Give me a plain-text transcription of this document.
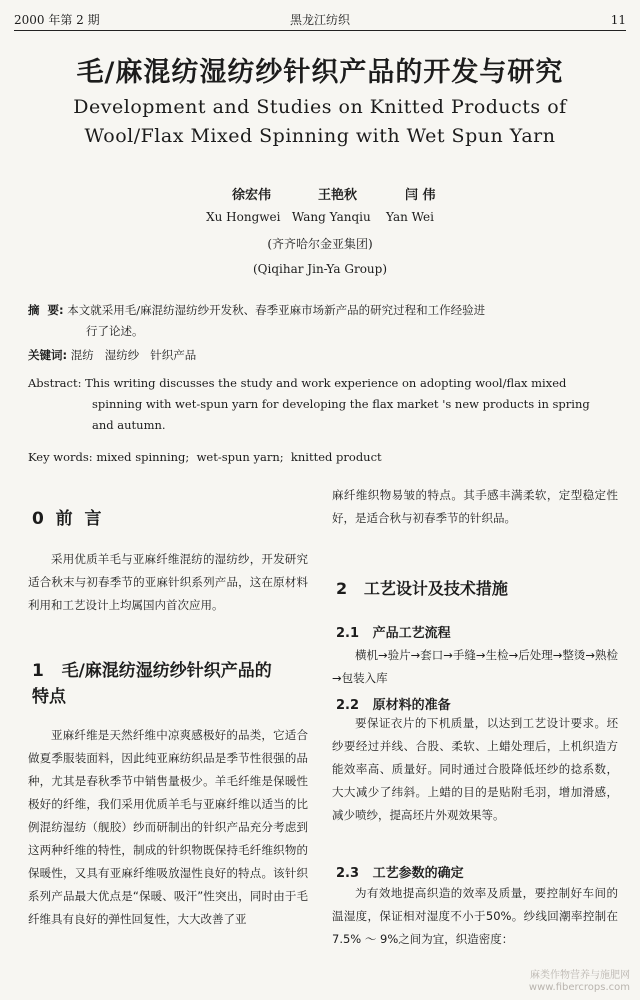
2000 年第 2 期	黑龙江纺织	11
毛/麻混纺湿纺纱针织产品的开发与研究
Development and Studies on Knitted Products of
Wool/Flax Mixed Spinning with Wet Spun Yarn
徐宏伟	王艳秋	闫 伟
Xu Hongwei   Wang Yanqiu    Yan Wei
(齐齐哈尔金亚集团)
(Qiqihar Jin-Ya Group)
摘  要: 本文就采用毛/麻混纺湿纺纱开发秋、春季亚麻市场新产品的研究过程和工作经验进
行了论述。
关键词: 混纺   湿纺纱   针织产品
Abstract: This writing discusses the study and work experience on adopting wool/flax mixed
spinning with wet-spun yarn for developing the flax market 's new products in spring
and autumn.
Key words: mixed spinning;  wet-spun yarn;  knitted product
0  前  言
采用优质羊毛与亚麻纤维混纺的湿纺纱，开发研究适合秋末与初春季节的亚麻针织系列产品，这在原材料利用和工艺设计上均属国内首次应用。
1   毛/麻混纺湿纺纱针织产品的
特点
亚麻纤维是天然纤维中凉爽感极好的品类，它适合做夏季服装面料，因此纯亚麻纺织品是季节性很强的品种，尤其是春秋季节中销售量极少。羊毛纤维是保暖性极好的纤维，我们采用优质羊毛与亚麻纤维以适当的比例混纺湿纺（舰胶）纱而研制出的针织产品充分考虑到这两种纤维的特性，制成的针织物既保持毛纤维织物的保暖性，又具有亚麻纤维吸放湿性良好的特点。该针织系列产品最大优点是“保暖、吸汗”性突出，同时由于毛纤维具有良好的弹性回复性，大大改善了亚
麻纤维织物易皱的特点。其手感丰满柔软，定型稳定性好，是适合秋与初春季节的针织品。
2   工艺设计及技术措施
2.1   产品工艺流程
横机→验片→套口→手缝→生检→后处理→整烫→熟检→包装入库
2.2   原材料的准备
要保证衣片的下机质量，以达到工艺设计要求。坯纱要经过并线、合股、柔软、上蜡处理后，上机织造方能效率高、质量好。同时通过合股降低坯纱的捻系数，大大减少了纬斜。上蜡的目的是贴附毛羽，增加滑感，减少喷纱，提高坯片外观效果等。
2.3   工艺参数的确定
为有效地提高织造的效率及质量，要控制好车间的温湿度，保证相对湿度不小于50%。纱线回潮率控制在 7.5% ～ 9%之间为宜，织造密度：
麻类作物营养与施肥网
www.fibercrops.com
